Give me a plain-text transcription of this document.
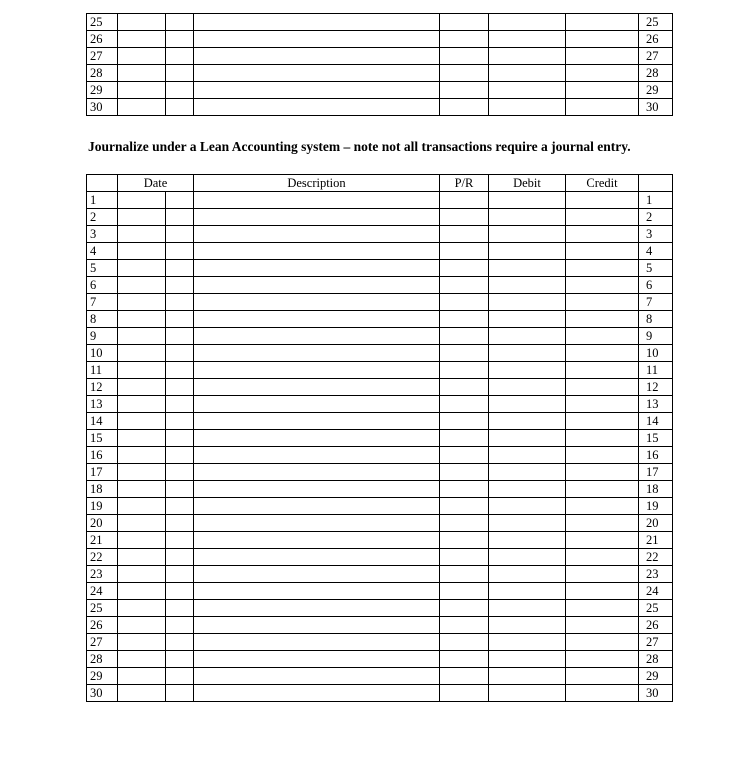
25							25
26							26
27							27
28							28
29							29
30							30

Journalize under a Lean Accounting system – note not all transactions require a journal entry.

	Date		Description	P/R	Debit	Credit	
1							1
2							2
3							3
4							4
5							5
6							6
7							7
8							8
9							9
10							10
11							11
12							12
13							13
14							14
15							15
16							16
17							17
18							18
19							19
20							20
21							21
22							22
23							23
24							24
25							25
26							26
27							27
28							28
29							29
30							30
